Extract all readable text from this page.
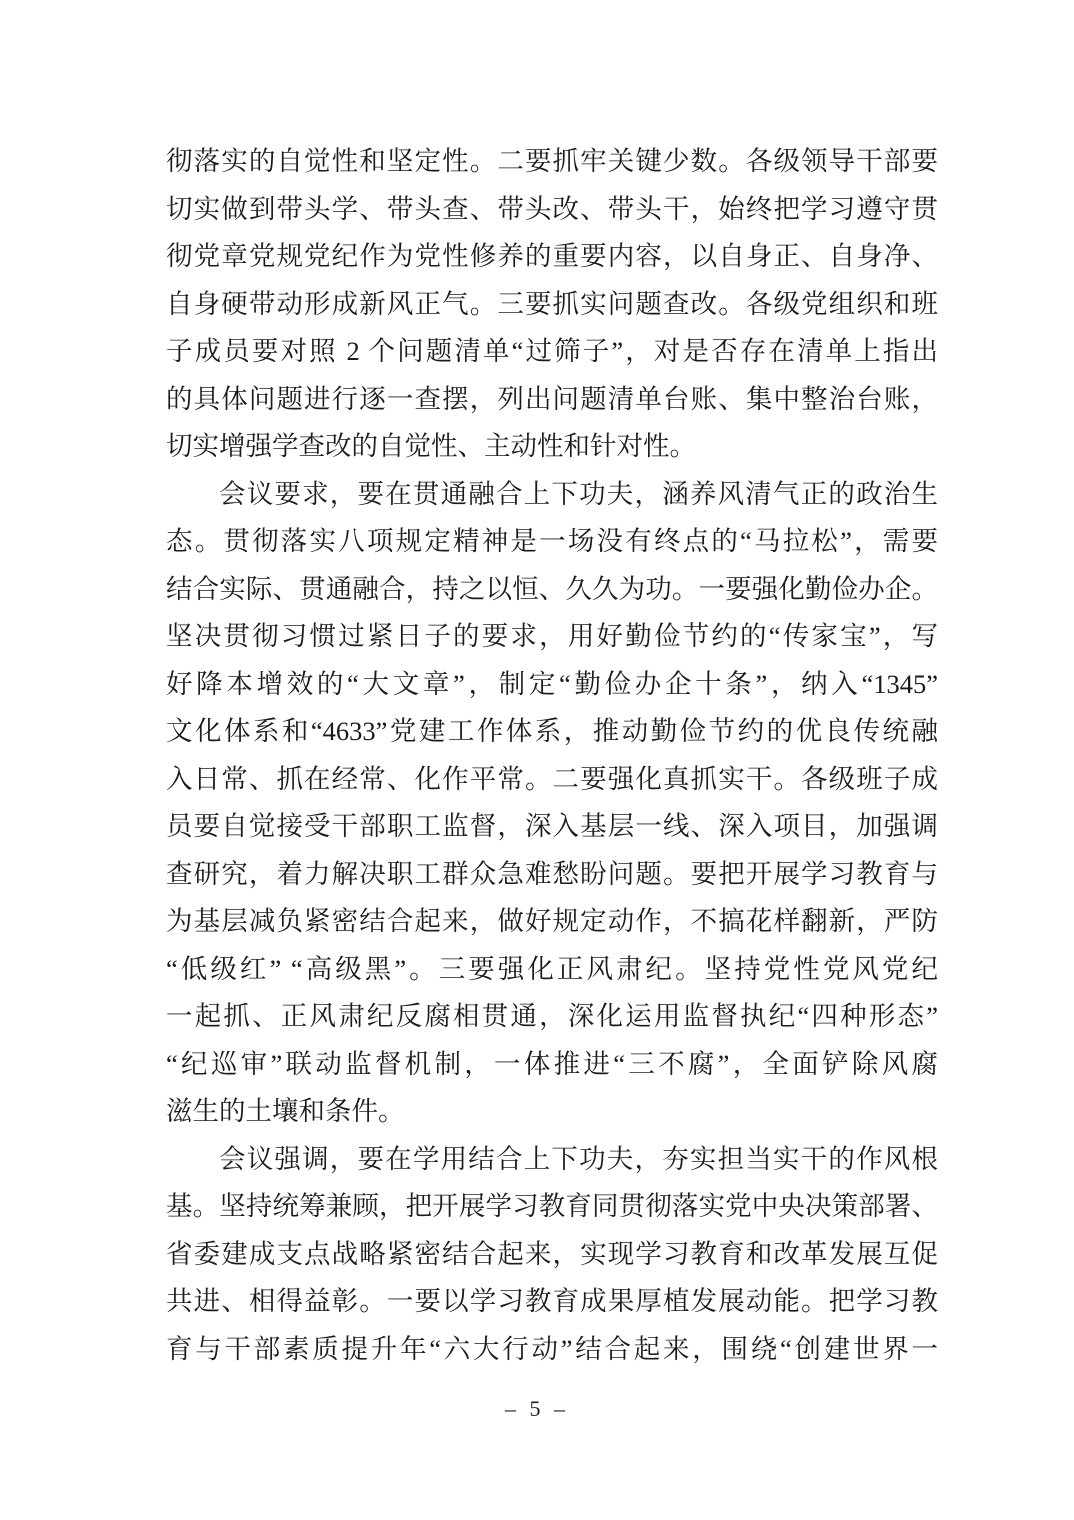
彻落实的自觉性和坚定性。二要抓牢关键少数。各级领导干部要
切实做到带头学、带头查、带头改、带头干，始终把学习遵守贯
彻党章党规党纪作为党性修养的重要内容，以自身正、自身净、
自身硬带动形成新风正气。三要抓实问题查改。各级党组织和班
子成员要对照 2 个问题清单“过筛子”，对是否存在清单上指出
的具体问题进行逐一查摆，列出问题清单台账、集中整治台账，
切实增强学查改的自觉性、主动性和针对性。
会议要求，要在贯通融合上下功夫，涵养风清气正的政治生
态。贯彻落实八项规定精神是一场没有终点的“马拉松”，需要
结合实际、贯通融合，持之以恒、久久为功。一要强化勤俭办企。
坚决贯彻习惯过紧日子的要求，用好勤俭节约的“传家宝”，写
好降本增效的“大文章”，制定“勤俭办企十条”，纳入“1345”
文化体系和“4633”党建工作体系，推动勤俭节约的优良传统融
入日常、抓在经常、化作平常。二要强化真抓实干。各级班子成
员要自觉接受干部职工监督，深入基层一线、深入项目，加强调
查研究，着力解决职工群众急难愁盼问题。要把开展学习教育与
为基层减负紧密结合起来，做好规定动作，不搞花样翻新，严防
“低级红” “高级黑”。三要强化正风肃纪。坚持党性党风党纪
一起抓、正风肃纪反腐相贯通，深化运用监督执纪“四种形态”
“纪巡审”联动监督机制，一体推进“三不腐”，全面铲除风腐
滋生的土壤和条件。
会议强调，要在学用结合上下功夫，夯实担当实干的作风根
基。坚持统筹兼顾，把开展学习教育同贯彻落实党中央决策部署、
省委建成支点战略紧密结合起来，实现学习教育和改革发展互促
共进、相得益彰。一要以学习教育成果厚植发展动能。把学习教
育与干部素质提升年“六大行动”结合起来，围绕“创建世界一
– 5 –
